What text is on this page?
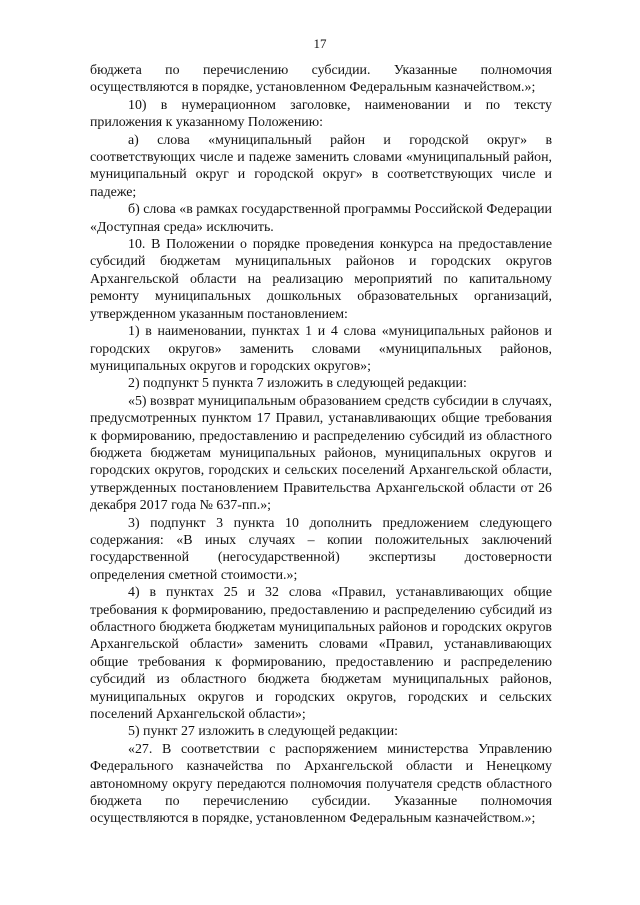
17

бюджета по перечислению субсидии. Указанные полномочия осуществляются в порядке, установленном Федеральным казначейством.»;

10) в нумерационном заголовке, наименовании и по тексту приложения к указанному Положению:

а) слова «муниципальный район и городской округ» в соответствующих числе и падеже заменить словами «муниципальный район, муниципальный округ и городской округ» в соответствующих числе и падеже;

б) слова «в рамках государственной программы Российской Федерации «Доступная среда» исключить.

10. В Положении о порядке проведения конкурса на предоставление субсидий бюджетам муниципальных районов и городских округов Архангельской области на реализацию мероприятий по капитальному ремонту муниципальных дошкольных образовательных организаций, утвержденном указанным постановлением:

1) в наименовании, пунктах 1 и 4 слова «муниципальных районов и городских округов» заменить словами «муниципальных районов, муниципальных округов и городских округов»;

2) подпункт 5 пункта 7 изложить в следующей редакции:

«5) возврат муниципальным образованием средств субсидии в случаях, предусмотренных пунктом 17 Правил, устанавливающих общие требования к формированию, предоставлению и распределению субсидий из областного бюджета бюджетам муниципальных районов, муниципальных округов и городских округов, городских и сельских поселений Архангельской области, утвержденных постановлением Правительства Архангельской области от 26 декабря 2017 года № 637-пп.»;

3) подпункт 3 пункта 10 дополнить предложением следующего содержания: «В иных случаях – копии положительных заключений государственной (негосударственной) экспертизы достоверности определения сметной стоимости.»;

4) в пунктах 25 и 32 слова «Правил, устанавливающих общие требования к формированию, предоставлению и распределению субсидий из областного бюджета бюджетам муниципальных районов и городских округов Архангельской области» заменить словами «Правил, устанавливающих общие требования к формированию, предоставлению и распределению субсидий из областного бюджета бюджетам муниципальных районов, муниципальных округов и городских округов, городских и сельских поселений Архангельской области»;

5) пункт 27 изложить в следующей редакции:

«27. В соответствии с распоряжением министерства Управлению Федерального казначейства по Архангельской области и Ненецкому автономному округу передаются полномочия получателя средств областного бюджета по перечислению субсидии. Указанные полномочия осуществляются в порядке, установленном Федеральным казначейством.»;
